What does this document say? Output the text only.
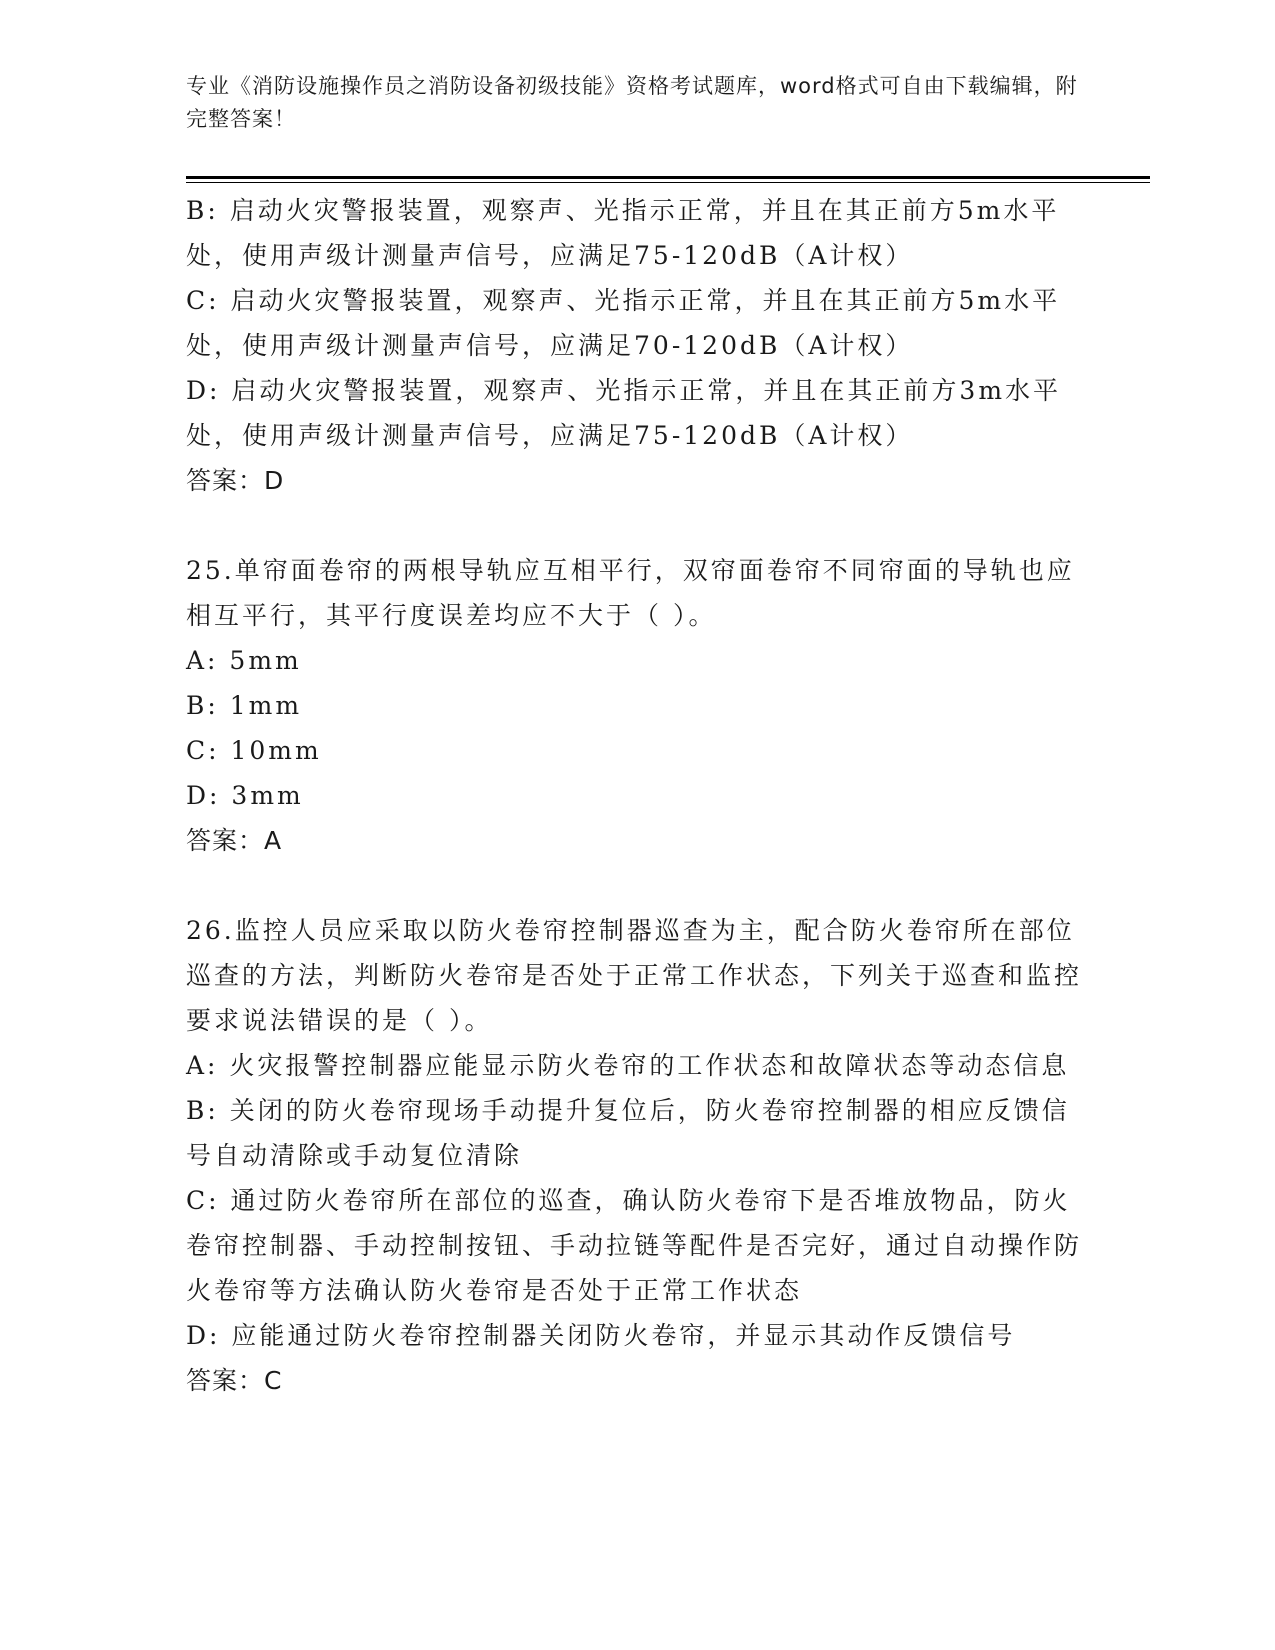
专业《消防设施操作员之消防设备初级技能》资格考试题库，word格式可自由下载编辑，附完整答案！

B: 启动火灾警报装置，观察声、光指示正常，并且在其正前方5m水平处，使用声级计测量声信号，应满足75-120dB（A计权）

C: 启动火灾警报装置，观察声、光指示正常，并且在其正前方5m水平处，使用声级计测量声信号，应满足70-120dB（A计权）

D: 启动火灾警报装置，观察声、光指示正常，并且在其正前方3m水平处，使用声级计测量声信号，应满足75-120dB（A计权）

答案：D

25.单帘面卷帘的两根导轨应互相平行，双帘面卷帘不同帘面的导轨也应相互平行，其平行度误差均应不大于（ ）。

A: 5mm

B: 1mm

C: 10mm

D: 3mm

答案：A

26.监控人员应采取以防火卷帘控制器巡查为主，配合防火卷帘所在部位巡查的方法，判断防火卷帘是否处于正常工作状态，下列关于巡查和监控要求说法错误的是（ ）。

A: 火灾报警控制器应能显示防火卷帘的工作状态和故障状态等动态信息

B: 关闭的防火卷帘现场手动提升复位后，防火卷帘控制器的相应反馈信号自动清除或手动复位清除

C: 通过防火卷帘所在部位的巡查，确认防火卷帘下是否堆放物品，防火卷帘控制器、手动控制按钮、手动拉链等配件是否完好，通过自动操作防火卷帘等方法确认防火卷帘是否处于正常工作状态

D: 应能通过防火卷帘控制器关闭防火卷帘，并显示其动作反馈信号

答案：C
